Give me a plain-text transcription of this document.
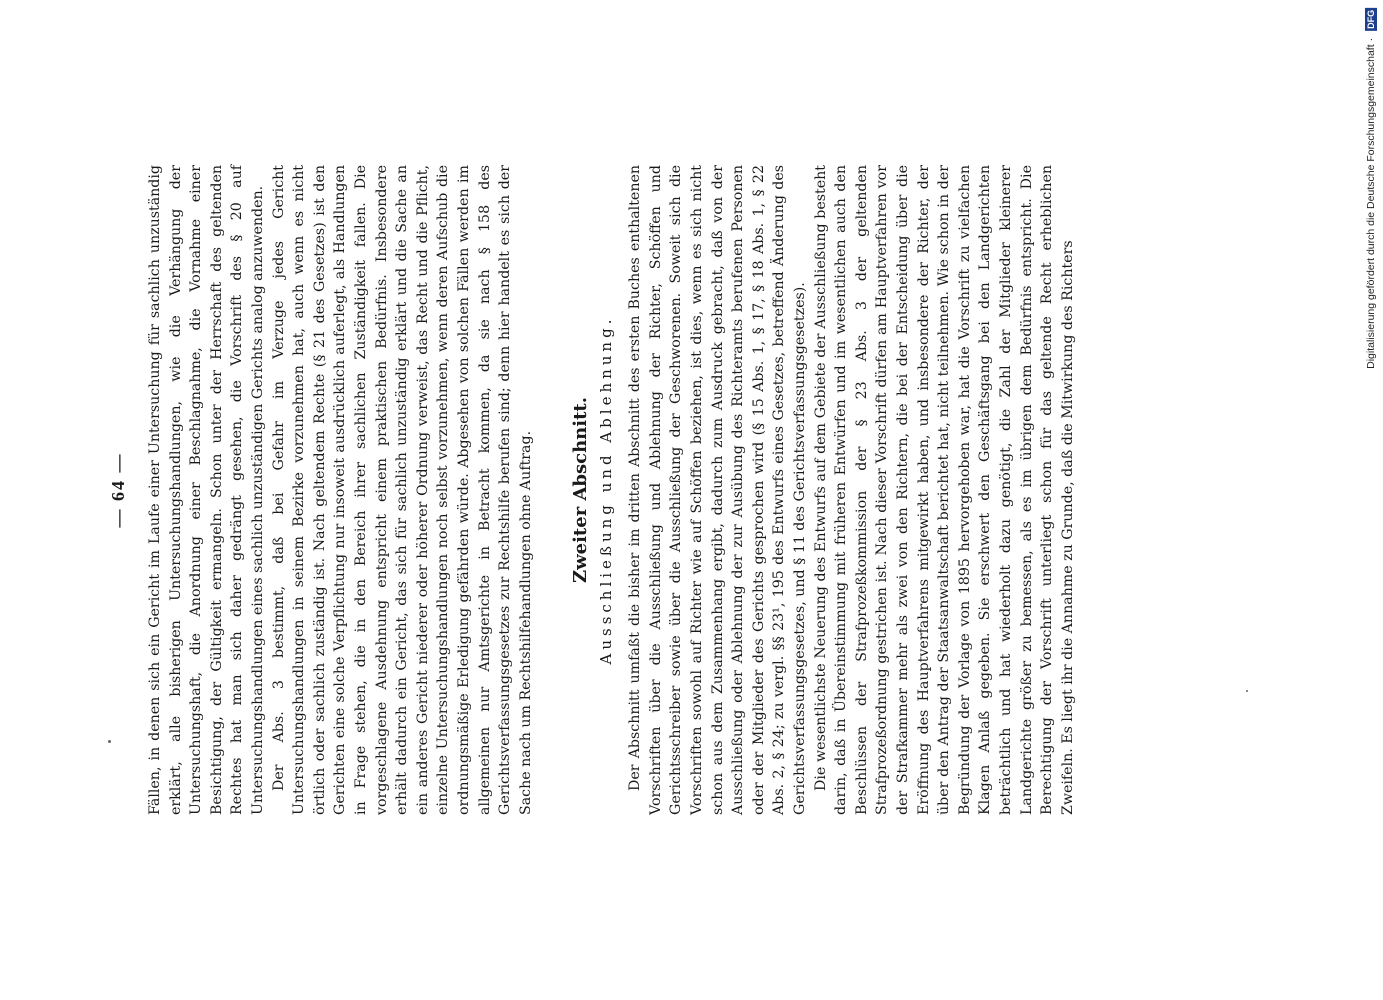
— 64 — Fällen, in denen sich ein Gericht im Laufe einer Untersuchung für sachlich unzuständig erklärt, alle bisherigen Untersuchungshandlungen, wie die Verhängung der Untersuchungshaft, die Anordnung einer Beschlagnahme, die Vornahme einer Besichtigung, der Gültigkeit ermangeln. Schon unter der Herrschaft des geltenden Rechtes hat man sich daher gedrängt gesehen, die Vorschrift des § 20 auf Untersuchungshandlungen eines sachlich unzuständigen Gerichts analog anzuwenden. Der Abs. 3 bestimmt, daß bei Gefahr im Verzuge jedes Gericht Untersuchungshandlungen in seinem Bezirke vorzunehmen hat, auch wenn es nicht örtlich oder sachlich zuständig ist. Nach geltendem Rechte (§ 21 des Gesetzes) ist den Gerichten eine solche Verpflichtung nur insoweit ausdrücklich auferlegt, als Handlungen in Frage stehen, die in den Bereich ihrer sachlichen Zuständigkeit fallen. Die vorgeschlagene Ausdehnung entspricht einem praktischen Bedürfnis. Insbesondere erhält dadurch ein Gericht, das sich für sachlich unzuständig erklärt und die Sache an ein anderes Gericht niederer oder höherer Ordnung verweist, das Recht und die Pflicht, einzelne Untersuchungshandlungen noch selbst vorzunehmen, wenn deren Aufschub die ordnungsmäßige Erledigung gefährden würde. Abgesehen von solchen Fällen werden im allgemeinen nur Amtsgerichte in Betracht kommen, da sie nach § 158 des Gerichtsverfassungsgesetzes zur Rechtshilfe berufen sind; denn hier handelt es sich der Sache nach um Rechtshilfehandlungen ohne Auftrag. Zweiter Abschnitt. Ausschließung und Ablehnung. Der Abschnitt umfaßt die bisher im dritten Abschnitt des ersten Buches enthaltenen Vorschriften über die Ausschließung und Ablehnung der Richter, Schöffen und Gerichtsschreiber sowie über die Ausschließung der Geschworenen. Soweit sich die Vorschriften sowohl auf Richter wie auf Schöffen beziehen, ist dies, wenn es sich nicht schon aus dem Zusammenhang ergibt, dadurch zum Ausdruck gebracht, daß von der Ausschließung oder Ablehnung der zur Ausübung des Richteramts berufenen Personen oder der Mitglieder des Gerichts gesprochen wird (§ 15 Abs. 1, § 17, § 18 Abs. 1, § 22 Abs. 2, § 24; zu vergl. §§ 23¹, 195 des Entwurfs eines Gesetzes, betreffend Änderung des Gerichtsverfassungsgesetzes, und § 11 des Gerichtsverfassungsgesetzes). Die wesentlichste Neuerung des Entwurfs auf dem Gebiete der Ausschließung besteht darin, daß in Übereinstimmung mit früheren Entwürfen und im wesentlichen auch den Beschlüssen der Strafprozeßkommission der § 23 Abs. 3 der geltenden Strafprozeßordnung gestrichen ist. Nach dieser Vorschrift dürfen am Hauptverfahren vor der Strafkammer mehr als zwei von den Richtern, die bei der Entscheidung über die Eröffnung des Hauptverfahrens mitgewirkt haben, und insbesondere der Richter, der über den Antrag der Staatsanwaltschaft berichtet hat, nicht teilnehmen. Wie schon in der Begründung der Vorlage von 1895 hervorgehoben war, hat die Vorschrift zu vielfachen Klagen Anlaß gegeben. Sie erschwert den Geschäftsgang bei den Landgerichten beträchtlich und hat wiederholt dazu genötigt, die Zahl der Mitglieder kleinerer Landgerichte größer zu bemessen, als es im übrigen dem Bedürfnis entspricht. Die Berechtigung der Vorschrift unterliegt schon für das geltende Recht erheblichen Zweifeln. Es liegt ihr die Annahme zu Grunde, daß die Mitwirkung des Richters

Digitalisierung gefördert durch die Deutsche Forschungsgemeinschaft · DFG
